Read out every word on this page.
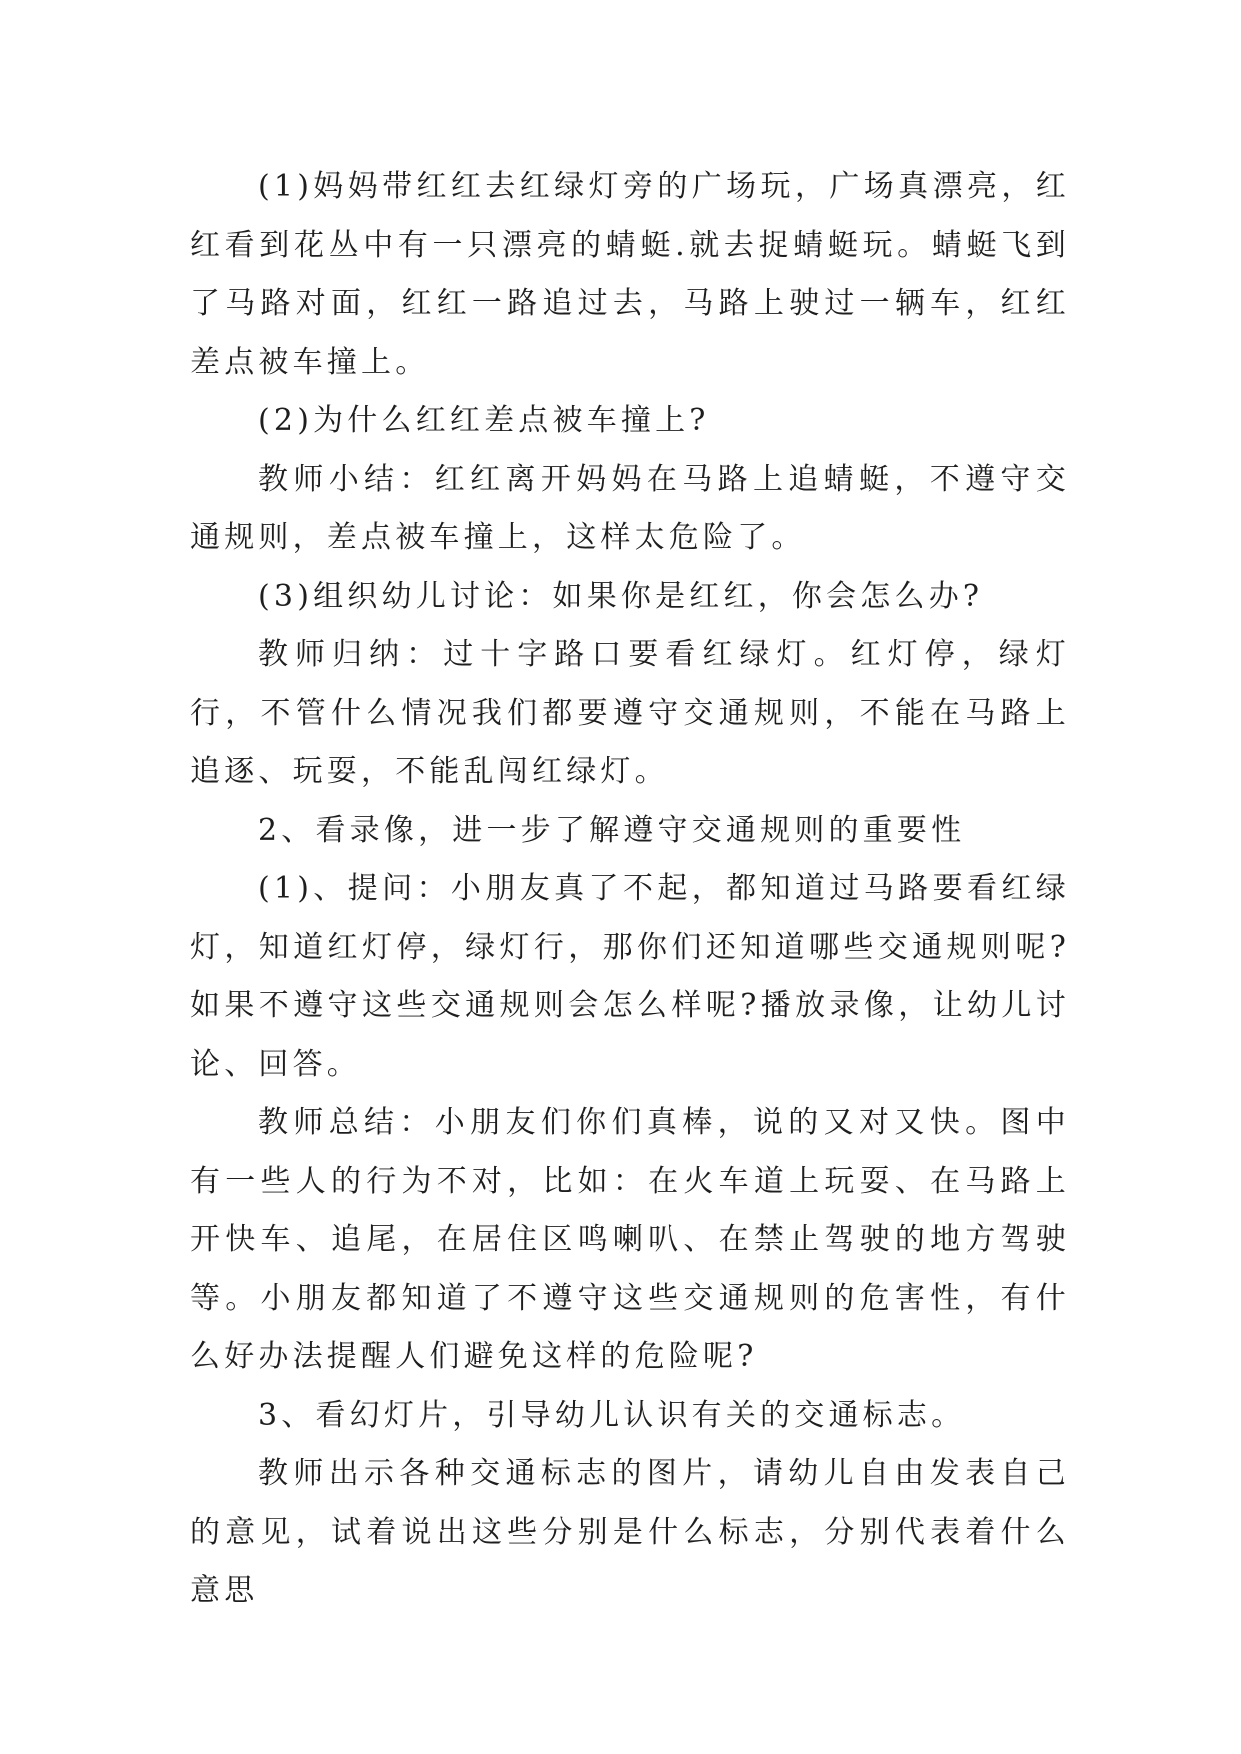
(1)妈妈带红红去红绿灯旁的广场玩，广场真漂亮，红红看到花丛中有一只漂亮的蜻蜓.就去捉蜻蜓玩。蜻蜓飞到了马路对面，红红一路追过去，马路上驶过一辆车，红红差点被车撞上。

(2)为什么红红差点被车撞上?

教师小结：红红离开妈妈在马路上追蜻蜓，不遵守交通规则，差点被车撞上，这样太危险了。

(3)组织幼儿讨论：如果你是红红，你会怎么办?

教师归纳：过十字路口要看红绿灯。红灯停，绿灯行，不管什么情况我们都要遵守交通规则，不能在马路上追逐、玩耍，不能乱闯红绿灯。

2、看录像，进一步了解遵守交通规则的重要性

(1)、提问：小朋友真了不起，都知道过马路要看红绿灯，知道红灯停，绿灯行，那你们还知道哪些交通规则呢?如果不遵守这些交通规则会怎么样呢?播放录像，让幼儿讨论、回答。

教师总结：小朋友们你们真棒，说的又对又快。图中有一些人的行为不对，比如：在火车道上玩耍、在马路上开快车、追尾，在居住区鸣喇叭、在禁止驾驶的地方驾驶等。小朋友都知道了不遵守这些交通规则的危害性，有什么好办法提醒人们避免这样的危险呢?

3、看幻灯片，引导幼儿认识有关的交通标志。

教师出示各种交通标志的图片，请幼儿自由发表自己的意见，试着说出这些分别是什么标志，分别代表着什么意思
